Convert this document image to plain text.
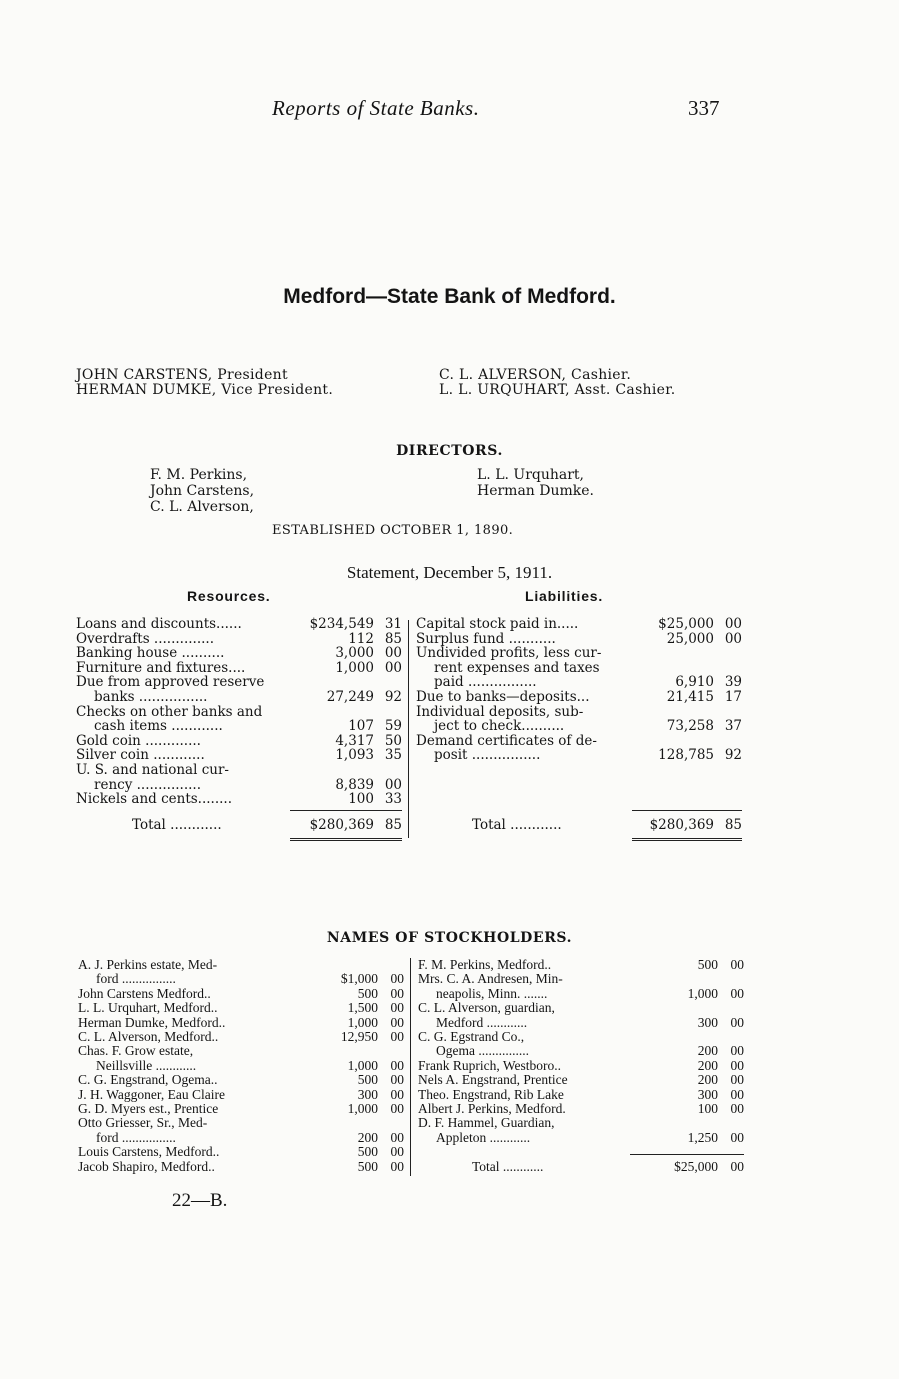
Reports of State Banks.	337
Medford—State Bank of Medford.
JOHN CARSTENS, President
HERMAN DUMKE, Vice President.
C. L. ALVERSON, Cashier.
L. L. URQUHART, Asst. Cashier.
DIRECTORS.
F. M. Perkins,
John Carstens,
C. L. Alverson,
L. L. Urquhart,
Herman Dumke.
ESTABLISHED OCTOBER 1, 1890.
Statement, December 5, 1911.
Resources.	Liabilities.
Loans and discounts......	$234,549 31
Overdrafts ..............	112 85
Banking house ..........	3,000 00
Furniture and fixtures....	1,000 00
Due from approved reserve
banks ................	27,249 92
Checks on other banks and
cash items ............	107 59
Gold coin .............	4,317 50
Silver coin ............	1,093 35
U. S. and national cur-
rency ...............	8,839 00
Nickels and cents........	100 33
Capital stock paid in.....	$25,000 00
Surplus fund ...........	25,000 00
Undivided profits, less cur-
rent expenses and taxes
paid ................	6,910 39
Due to banks—deposits...	21,415 17
Individual deposits, sub-
ject to check..........	73,258 37
Demand certificates of de-
posit ................	128,785 92
Total ............	$280,369 85	Total ............	$280,369 85
NAMES OF STOCKHOLDERS.
A. J. Perkins estate, Med-
ford ................	$1,000 00
John Carstens Medford..	500 00
L. L. Urquhart, Medford..	1,500 00
Herman Dumke, Medford..	1,000 00
C. L. Alverson, Medford..	12,950 00
Chas. F. Grow estate,
Neillsville ............	1,000 00
C. G. Engstrand, Ogema..	500 00
J. H. Waggoner, Eau Claire	300 00
G. D. Myers est., Prentice	1,000 00
Otto Griesser, Sr., Med-
ford ................	200 00
Louis Carstens, Medford..	500 00
Jacob Shapiro, Medford..	500 00
F. M. Perkins, Medford..	500 00
Mrs. C. A. Andresen, Min-
neapolis, Minn. .......	1,000 00
C. L. Alverson, guardian,
Medford ............	300 00
C. G. Egstrand Co.,
Ogema ...............	200 00
Frank Ruprich, Westboro..	200 00
Nels A. Engstrand, Prentice	200 00
Theo. Engstrand, Rib Lake	300 00
Albert J. Perkins, Medford.	100 00
D. F. Hammel, Guardian,
Appleton ............	1,250 00
Total ............	$25,000 00
22—B.
